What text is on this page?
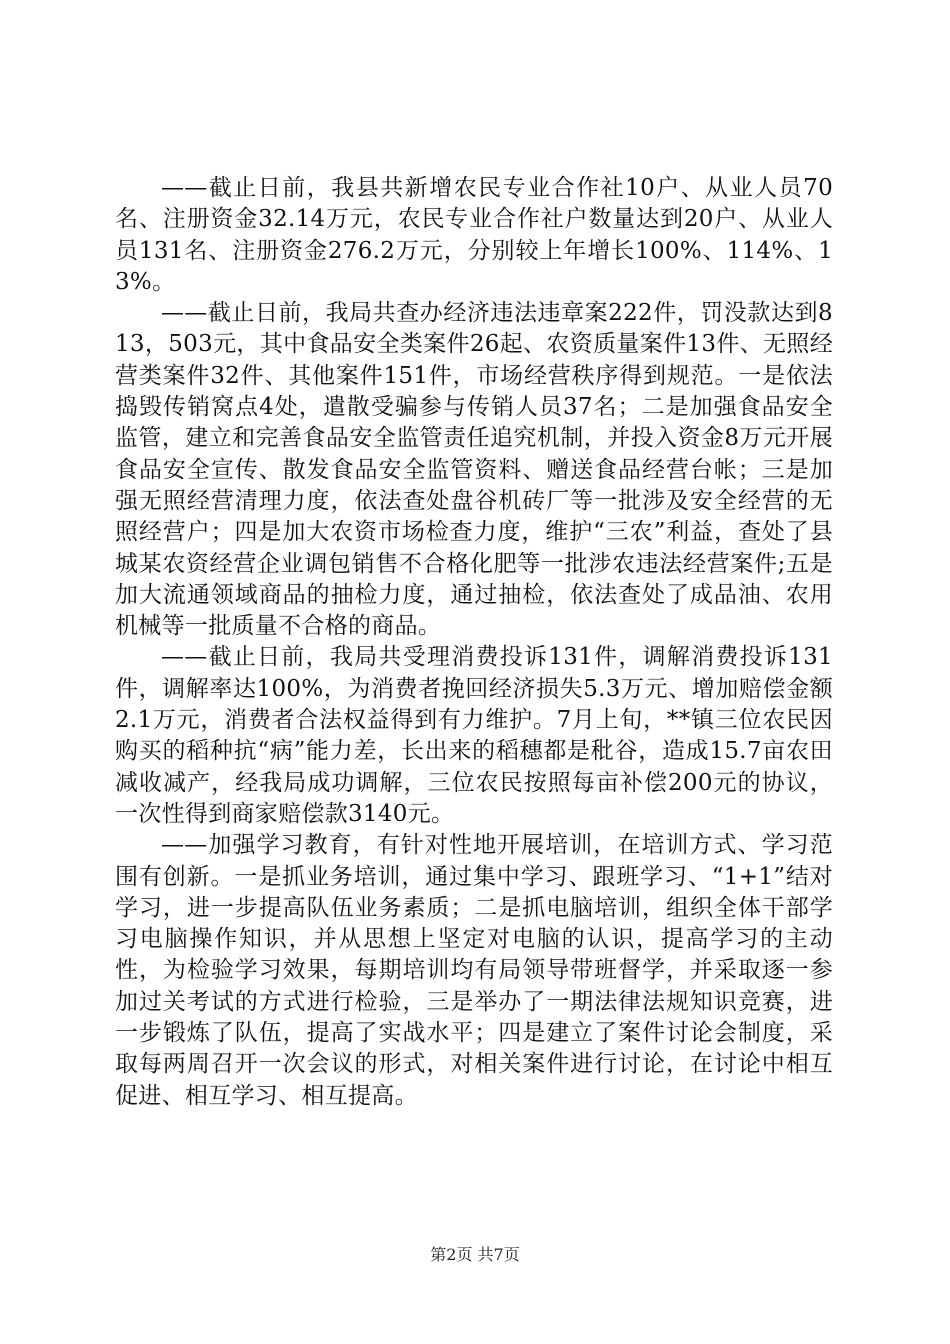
——截止日前，我县共新增农民专业合作社10户、从业人员70名、注册资金32.14万元，农民专业合作社户数量达到20户、从业人员131名、注册资金276.2万元，分别较上年增长100%、114%、13%。

——截止日前，我局共查办经济违法违章案222件，罚没款达到813，503元，其中食品安全类案件26起、农资质量案件13件、无照经营类案件32件、其他案件151件，市场经营秩序得到规范。一是依法捣毁传销窝点4处，遣散受骗参与传销人员37名；二是加强食品安全监管，建立和完善食品安全监管责任追究机制，并投入资金8万元开展食品安全宣传、散发食品安全监管资料、赠送食品经营台帐；三是加强无照经营清理力度，依法查处盘谷机砖厂等一批涉及安全经营的无照经营户；四是加大农资市场检查力度，维护“三农”利益，查处了县城某农资经营企业调包销售不合格化肥等一批涉农违法经营案件;五是加大流通领域商品的抽检力度，通过抽检，依法查处了成品油、农用机械等一批质量不合格的商品。

——截止日前，我局共受理消费投诉131件，调解消费投诉131件，调解率达100%，为消费者挽回经济损失5.3万元、增加赔偿金额2.1万元，消费者合法权益得到有力维护。7月上旬，**镇三位农民因购买的稻种抗“病”能力差，长出来的稻穗都是秕谷，造成15.7亩农田减收减产，经我局成功调解，三位农民按照每亩补偿200元的协议，一次性得到商家赔偿款3140元。

——加强学习教育，有针对性地开展培训，在培训方式、学习范围有创新。一是抓业务培训，通过集中学习、跟班学习、“1+1”结对学习，进一步提高队伍业务素质；二是抓电脑培训，组织全体干部学习电脑操作知识，并从思想上坚定对电脑的认识，提高学习的主动性，为检验学习效果，每期培训均有局领导带班督学，并采取逐一参加过关考试的方式进行检验，三是举办了一期法律法规知识竞赛，进一步锻炼了队伍，提高了实战水平；四是建立了案件讨论会制度，采取每两周召开一次会议的形式，对相关案件进行讨论，在讨论中相互促进、相互学习、相互提高。

第2页 共7页
